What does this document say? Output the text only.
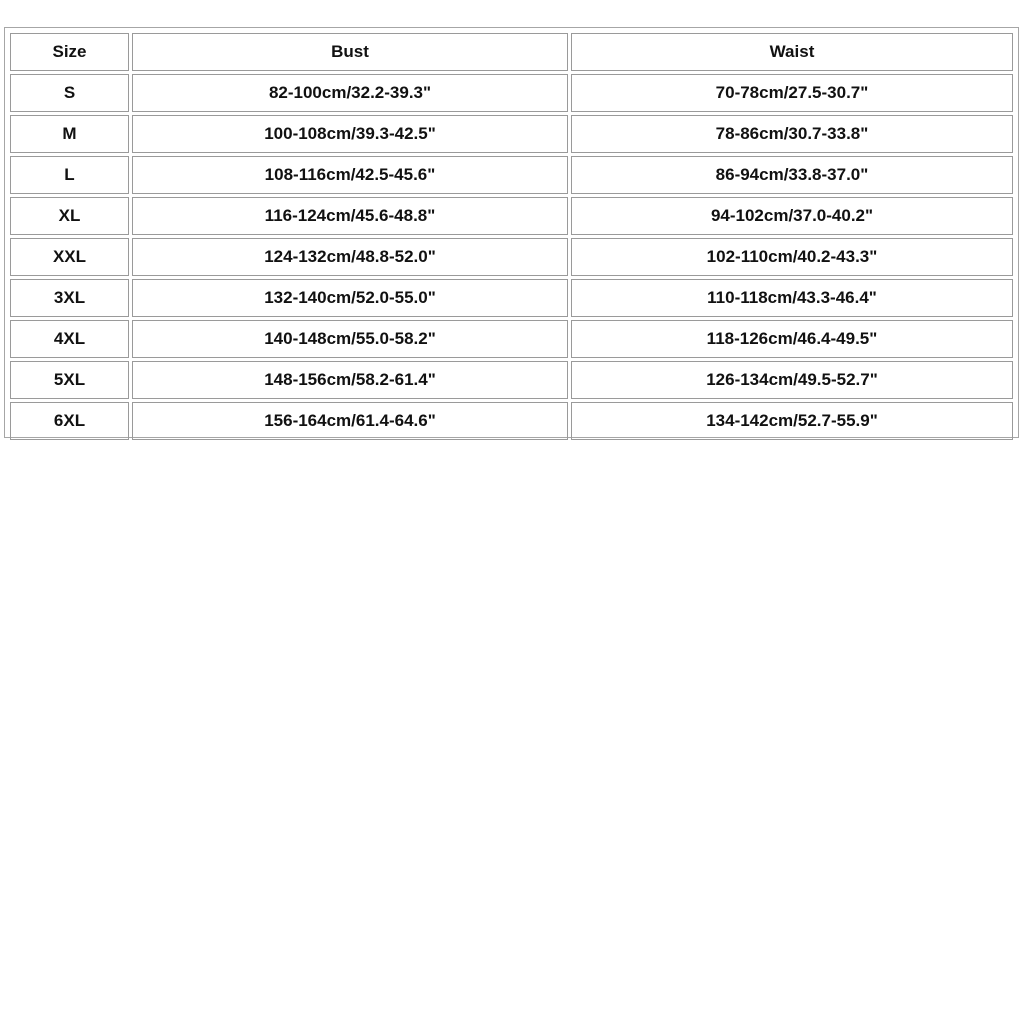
Size	Bust	Waist
S	82-100cm/32.2-39.3"	70-78cm/27.5-30.7"
M	100-108cm/39.3-42.5"	78-86cm/30.7-33.8"
L	108-116cm/42.5-45.6"	86-94cm/33.8-37.0"
XL	116-124cm/45.6-48.8"	94-102cm/37.0-40.2"
XXL	124-132cm/48.8-52.0"	102-110cm/40.2-43.3"
3XL	132-140cm/52.0-55.0"	110-118cm/43.3-46.4"
4XL	140-148cm/55.0-58.2"	118-126cm/46.4-49.5"
5XL	148-156cm/58.2-61.4"	126-134cm/49.5-52.7"
6XL	156-164cm/61.4-64.6"	134-142cm/52.7-55.9"
